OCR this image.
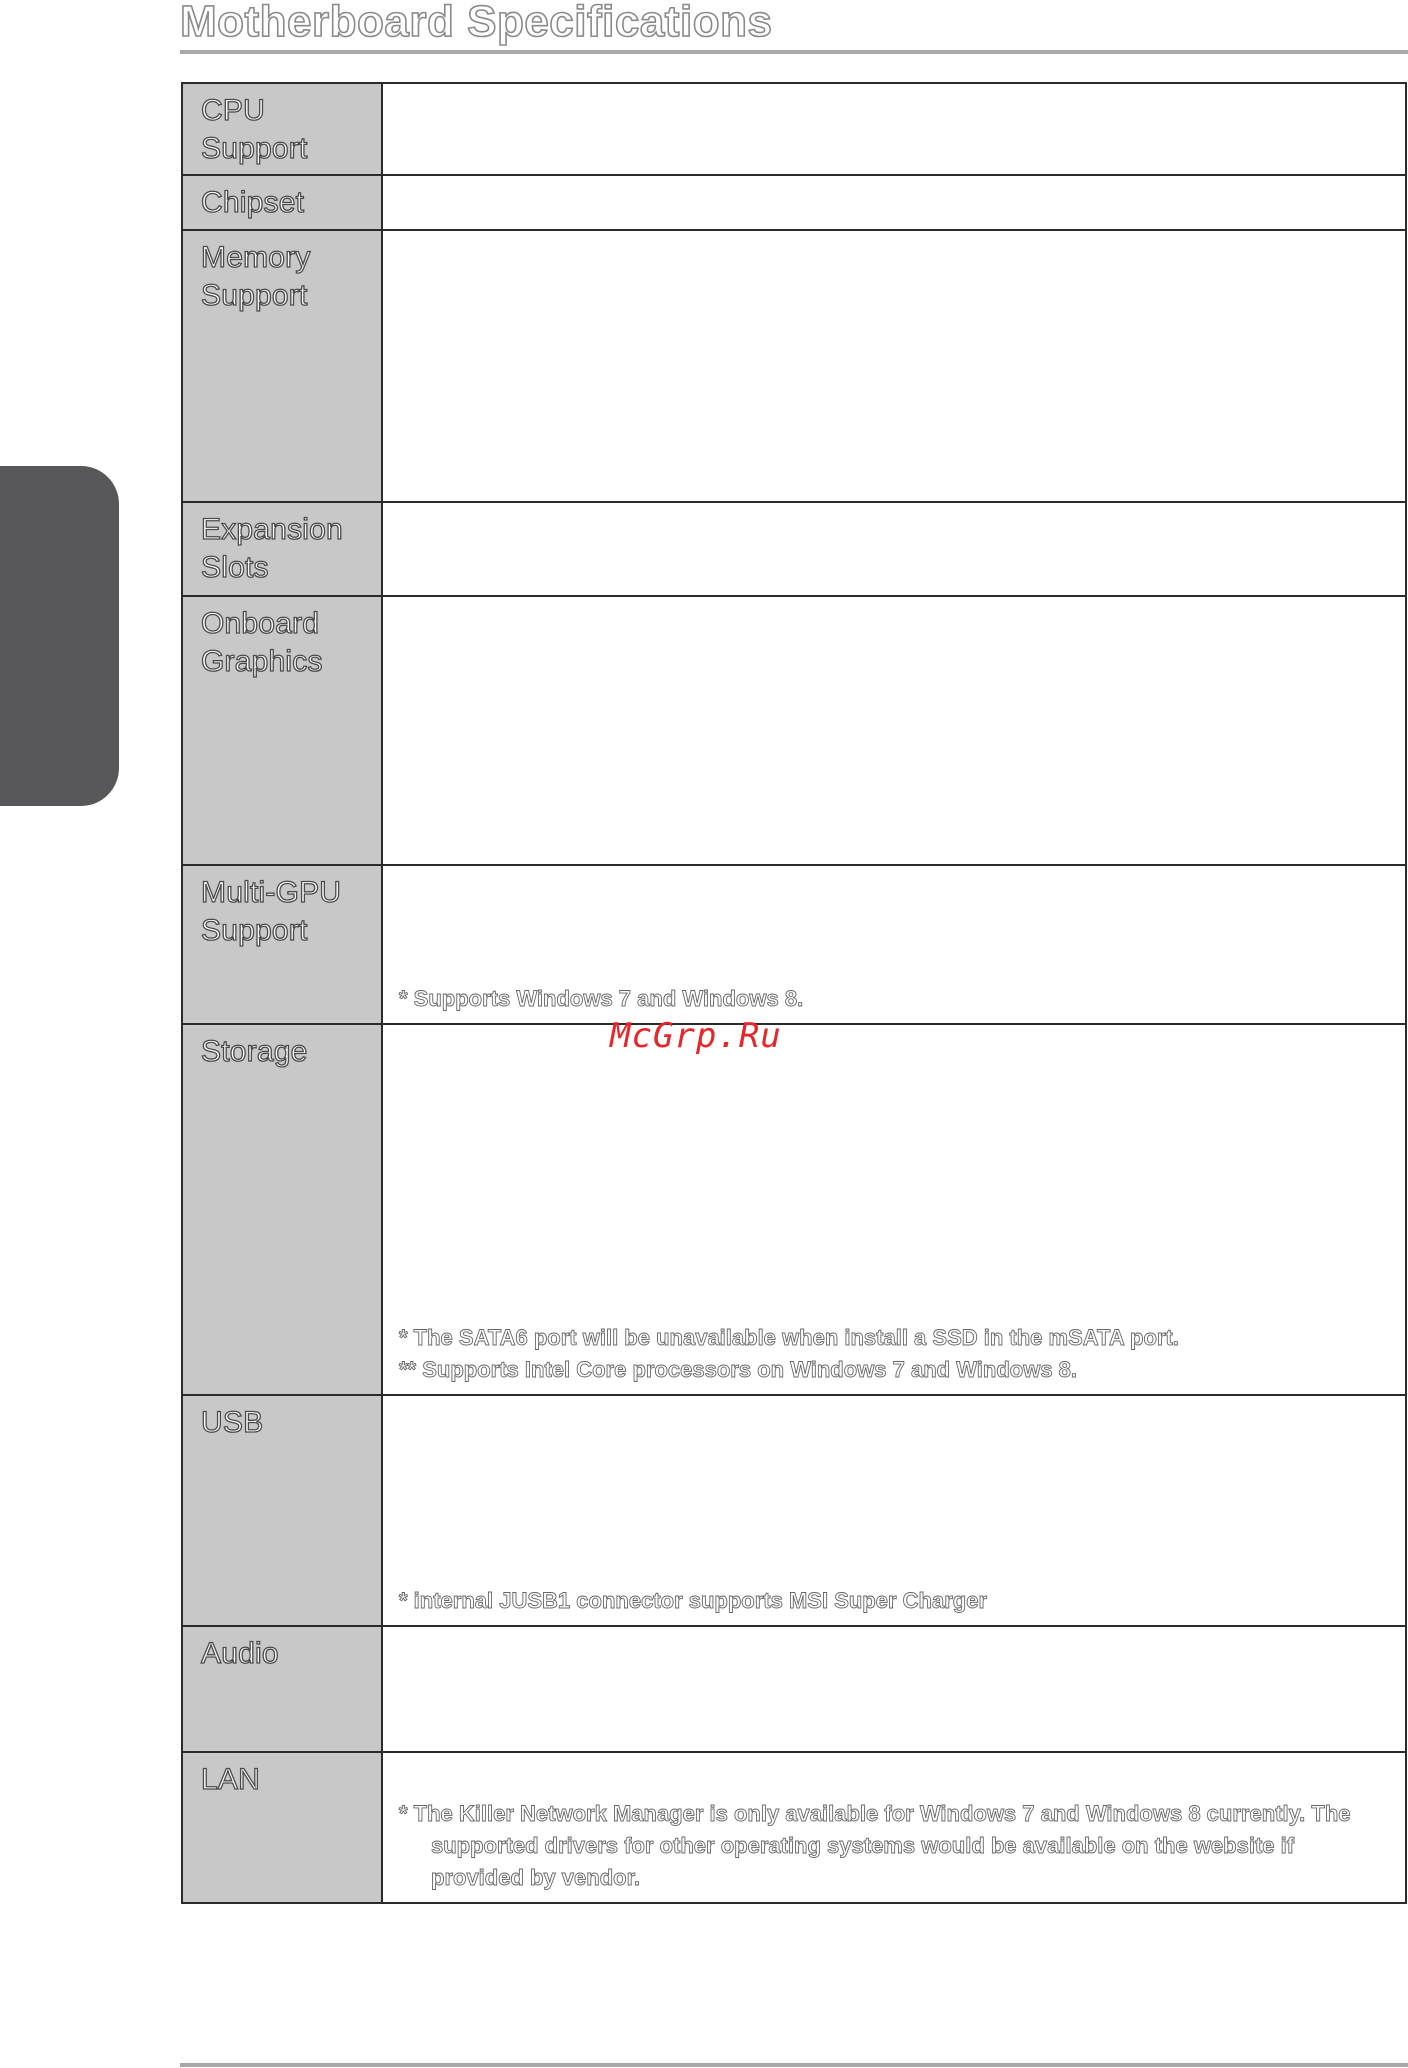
Motherboard Specifications
CPU
Support	

Chipset	

Memory
Support	

Expansion
Slots	

Onboard
Graphics	

Multi-GPU
Support	* Supports Windows 7 and Windows 8.

Storage	* The SATA6 port will be unavailable when install a SSD in the mSATA port.
** Supports Intel Core processors on Windows 7 and Windows 8.

USB	* internal JUSB1 connector supports MSI Super Charger

Audio	

LAN	* The Killer Network Manager is only available for Windows 7 and Windows 8 currently. The supported drivers for other operating systems would be available on the website if provided by vendor.
McGrp.Ru
